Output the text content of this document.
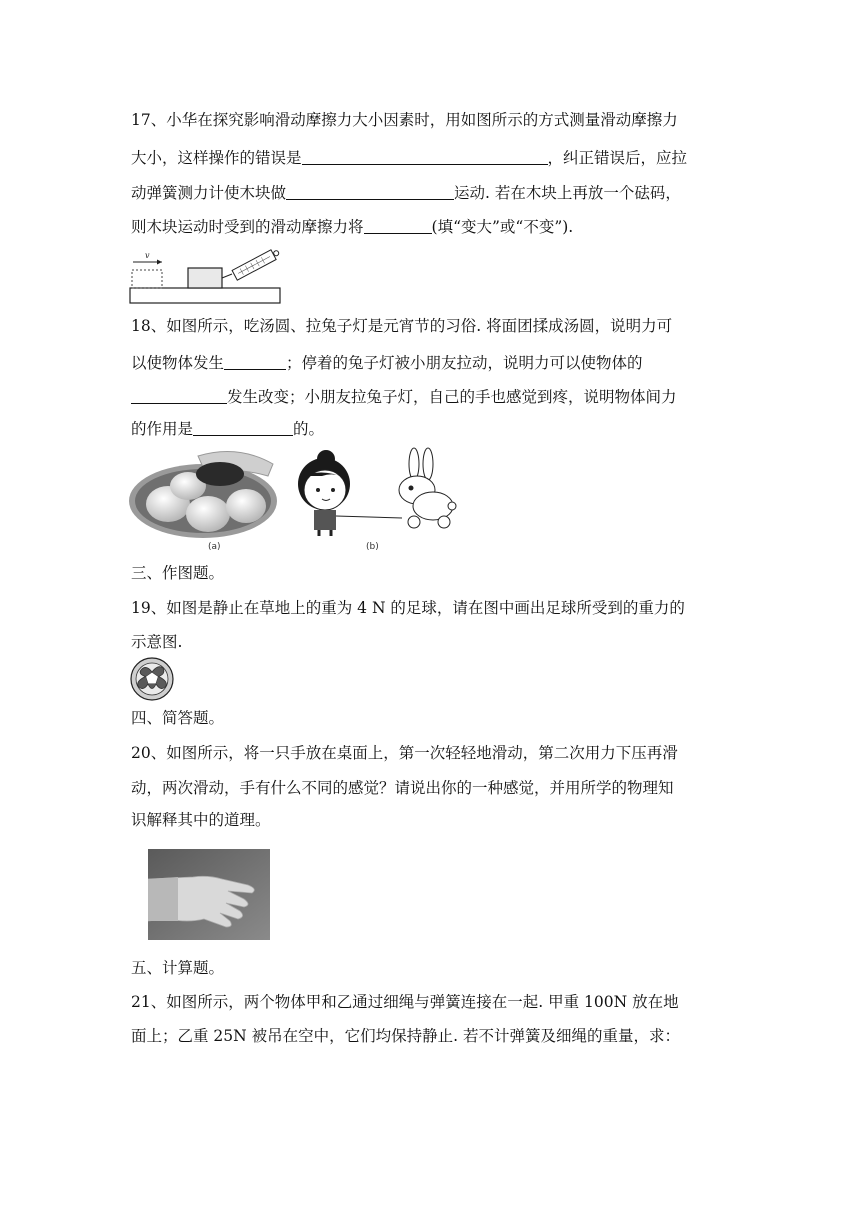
17、小华在探究影响滑动摩擦力大小因素时，用如图所示的方式测量滑动摩擦力
大小，这样操作的错误是	，纠正错误后，应拉
动弹簧测力计使木块做	运动. 若在木块上再放一个砝码，
则木块运动时受到的滑动摩擦力将	(填“变大”或“不变”).
v
18、如图所示，吃汤圆、拉兔子灯是元宵节的习俗. 将面团揉成汤圆，说明力可
以使物体发生	；停着的兔子灯被小朋友拉动，说明力可以使物体的
发生改变；小朋友拉兔子灯，自己的手也感觉到疼，说明物体间力
的作用是	的。
(a)	(b)
三、作图题。
19、如图是静止在草地上的重为 4 N 的足球，请在图中画出足球所受到的重力的
示意图.
四、简答题。
20、如图所示，将一只手放在桌面上，第一次轻轻地滑动，第二次用力下压再滑
动，两次滑动，手有什么不同的感觉？请说出你的一种感觉，并用所学的物理知
识解释其中的道理。
五、计算题。
21、如图所示，两个物体甲和乙通过细绳与弹簧连接在一起. 甲重 100N 放在地
面上；乙重 25N 被吊在空中，它们均保持静止. 若不计弹簧及细绳的重量，求：
